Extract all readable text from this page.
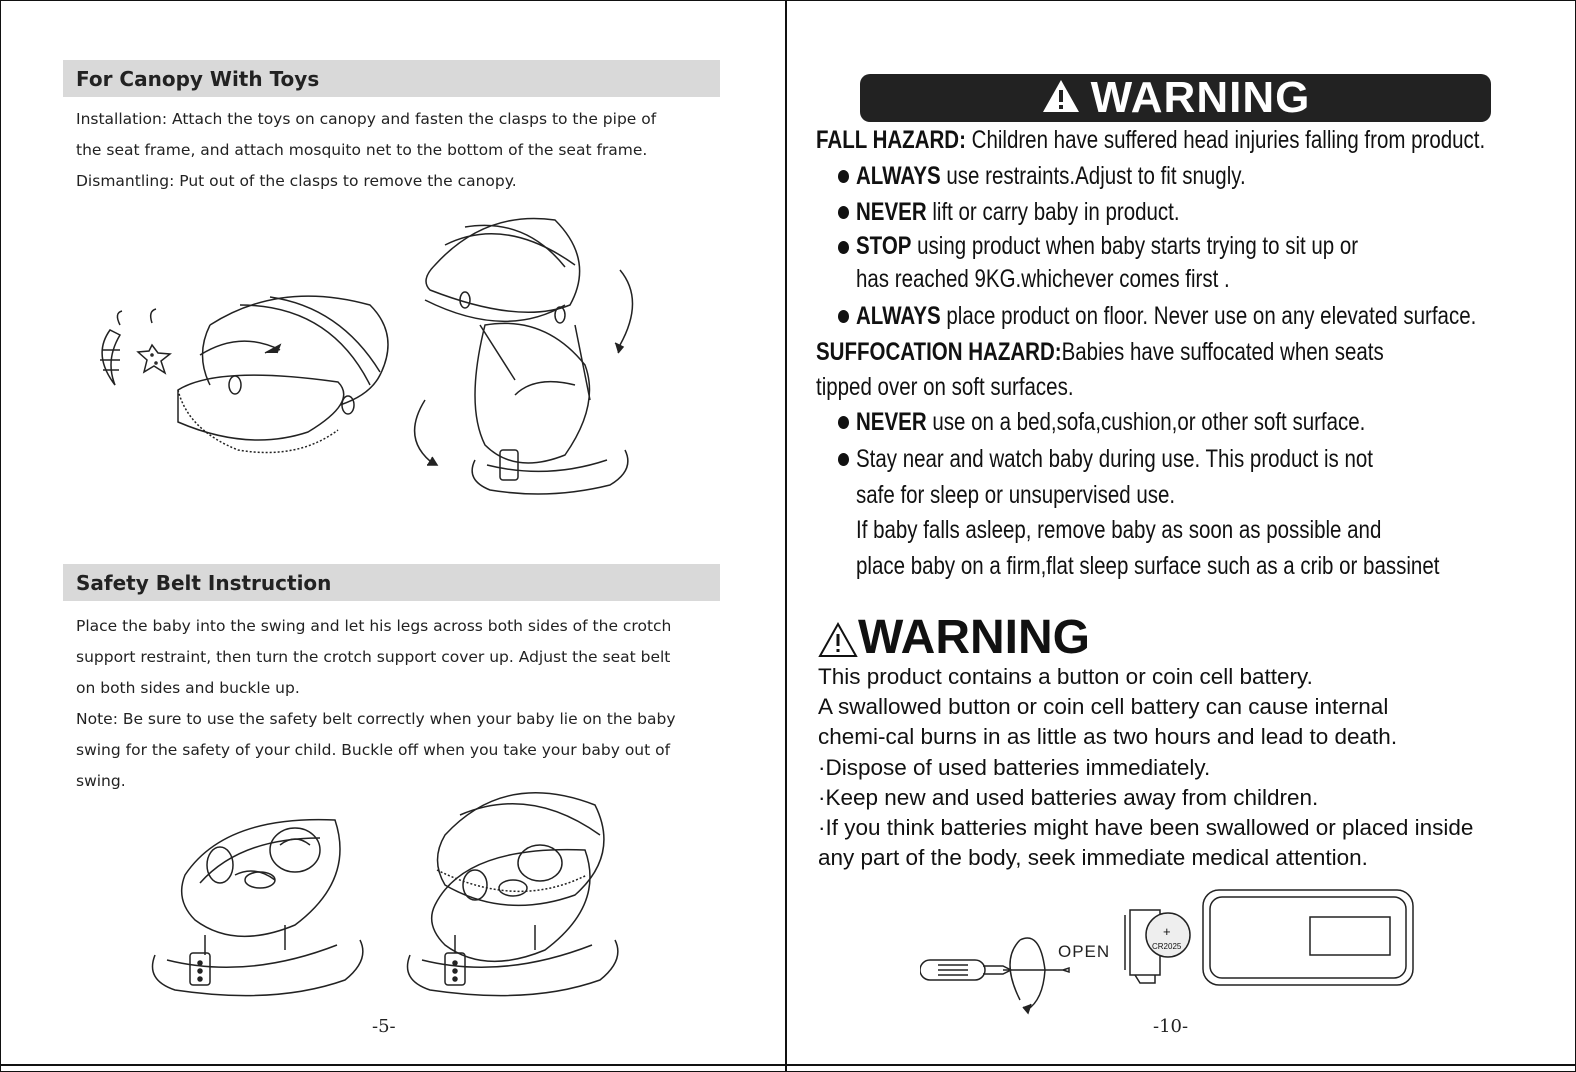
For Canopy With Toys
Installation: Attach the toys on canopy and fasten the clasps to the pipe of
the seat frame, and attach mosquito net to the bottom of the seat frame.
Dismantling: Put out of the clasps to remove the canopy.
Safety Belt Instruction
Place the baby into the swing and let his legs across both sides of the crotch
support restraint, then turn the crotch support cover up. Adjust the seat belt
on both sides and buckle up.
Note: Be sure to use the safety belt correctly when your baby lie on the baby
swing for the safety of your child. Buckle off when you take your baby out of
swing.
-5-
WARNING
FALL HAZARD: Children have suffered head injuries falling from product.
ALWAYS use restraints.Adjust to fit snugly.
NEVER lift or carry baby in product.
STOP using product when baby starts trying to sit up or
has reached 9KG.whichever comes first .
ALWAYS place product on floor. Never use on any elevated surface.
SUFFOCATION HAZARD:Babies have suffocated when seats
tipped over on soft surfaces.
NEVER use on a bed,sofa,cushion,or other soft surface.
Stay near and watch baby during use. This product is not
safe for sleep or unsupervised use.
If baby falls asleep, remove baby as soon as possible and
place baby on a firm,flat sleep surface such as a crib or bassinet
WARNING
This product contains a button or coin cell battery.
A swallowed button or coin cell battery can cause internal
chemi-cal burns in as little as two hours and lead to death.
·Dispose of used batteries immediately.
·Keep new and used batteries away from children.
·If you think batteries might have been swallowed or placed inside
any part of the body, seek immediate medical attention.
OPEN
+
CR2025
-10-
